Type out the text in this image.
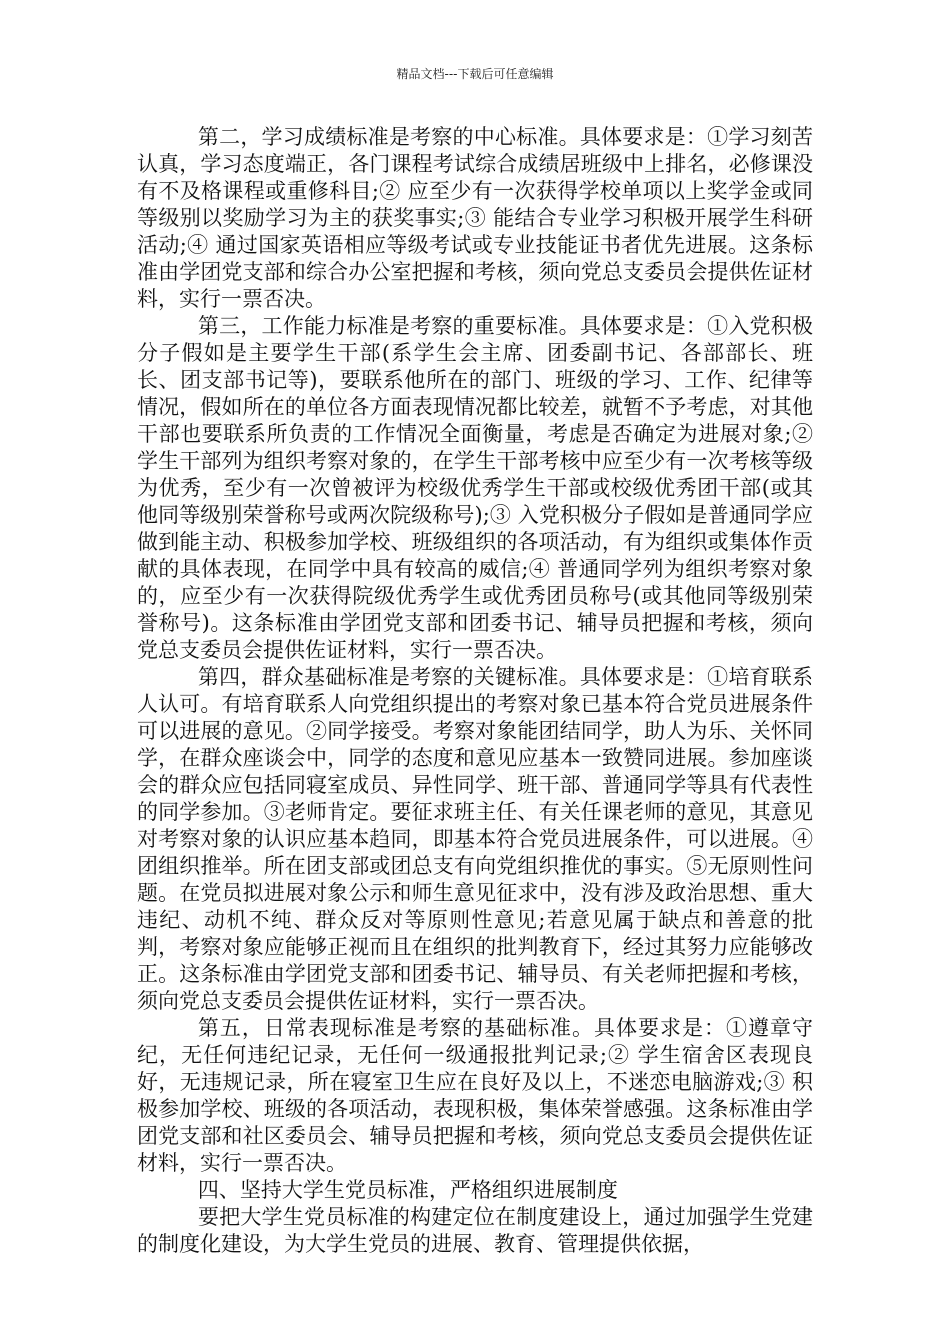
精品文档---下载后可任意编辑

第二，学习成绩标准是考察的中心标准。具体要求是：①学习刻苦认真，学习态度端正，各门课程考试综合成绩居班级中上排名，必修课没有不及格课程或重修科目;② 应至少有一次获得学校单项以上奖学金或同等级别以奖励学习为主的获奖事实;③ 能结合专业学习积极开展学生科研活动;④ 通过国家英语相应等级考试或专业技能证书者优先进展。这条标准由学团党支部和综合办公室把握和考核，须向党总支委员会提供佐证材料，实行一票否决。

第三，工作能力标准是考察的重要标准。具体要求是：①入党积极分子假如是主要学生干部(系学生会主席、团委副书记、各部部长、班长、团支部书记等)，要联系他所在的部门、班级的学习、工作、纪律等情况，假如所在的单位各方面表现情况都比较差，就暂不予考虑，对其他干部也要联系所负责的工作情况全面衡量，考虑是否确定为进展对象;② 学生干部列为组织考察对象的，在学生干部考核中应至少有一次考核等级为优秀，至少有一次曾被评为校级优秀学生干部或校级优秀团干部(或其他同等级别荣誉称号或两次院级称号);③ 入党积极分子假如是普通同学应做到能主动、积极参加学校、班级组织的各项活动，有为组织或集体作贡献的具体表现，在同学中具有较高的威信;④ 普通同学列为组织考察对象的，应至少有一次获得院级优秀学生或优秀团员称号(或其他同等级别荣誉称号)。这条标准由学团党支部和团委书记、辅导员把握和考核，须向党总支委员会提供佐证材料，实行一票否决。

第四，群众基础标准是考察的关键标准。具体要求是：①培育联系人认可。有培育联系人向党组织提出的考察对象已基本符合党员进展条件可以进展的意见。②同学接受。考察对象能团结同学，助人为乐、关怀同学，在群众座谈会中，同学的态度和意见应基本一致赞同进展。参加座谈会的群众应包括同寝室成员、异性同学、班干部、普通同学等具有代表性的同学参加。③老师肯定。要征求班主任、有关任课老师的意见，其意见对考察对象的认识应基本趋同，即基本符合党员进展条件，可以进展。④团组织推举。所在团支部或团总支有向党组织推优的事实。⑤无原则性问题。在党员拟进展对象公示和师生意见征求中，没有涉及政治思想、重大违纪、动机不纯、群众反对等原则性意见;若意见属于缺点和善意的批判，考察对象应能够正视而且在组织的批判教育下，经过其努力应能够改正。这条标准由学团党支部和团委书记、辅导员、有关老师把握和考核，须向党总支委员会提供佐证材料，实行一票否决。

第五，日常表现标准是考察的基础标准。具体要求是：①遵章守纪，无任何违纪记录，无任何一级通报批判记录;② 学生宿舍区表现良好，无违规记录，所在寝室卫生应在良好及以上，不迷恋电脑游戏;③ 积极参加学校、班级的各项活动，表现积极，集体荣誉感强。这条标准由学团党支部和社区委员会、辅导员把握和考核，须向党总支委员会提供佐证材料，实行一票否决。

四、坚持大学生党员标准，严格组织进展制度

要把大学生党员标准的构建定位在制度建设上，通过加强学生党建的制度化建设，为大学生党员的进展、教育、管理提供依据，
